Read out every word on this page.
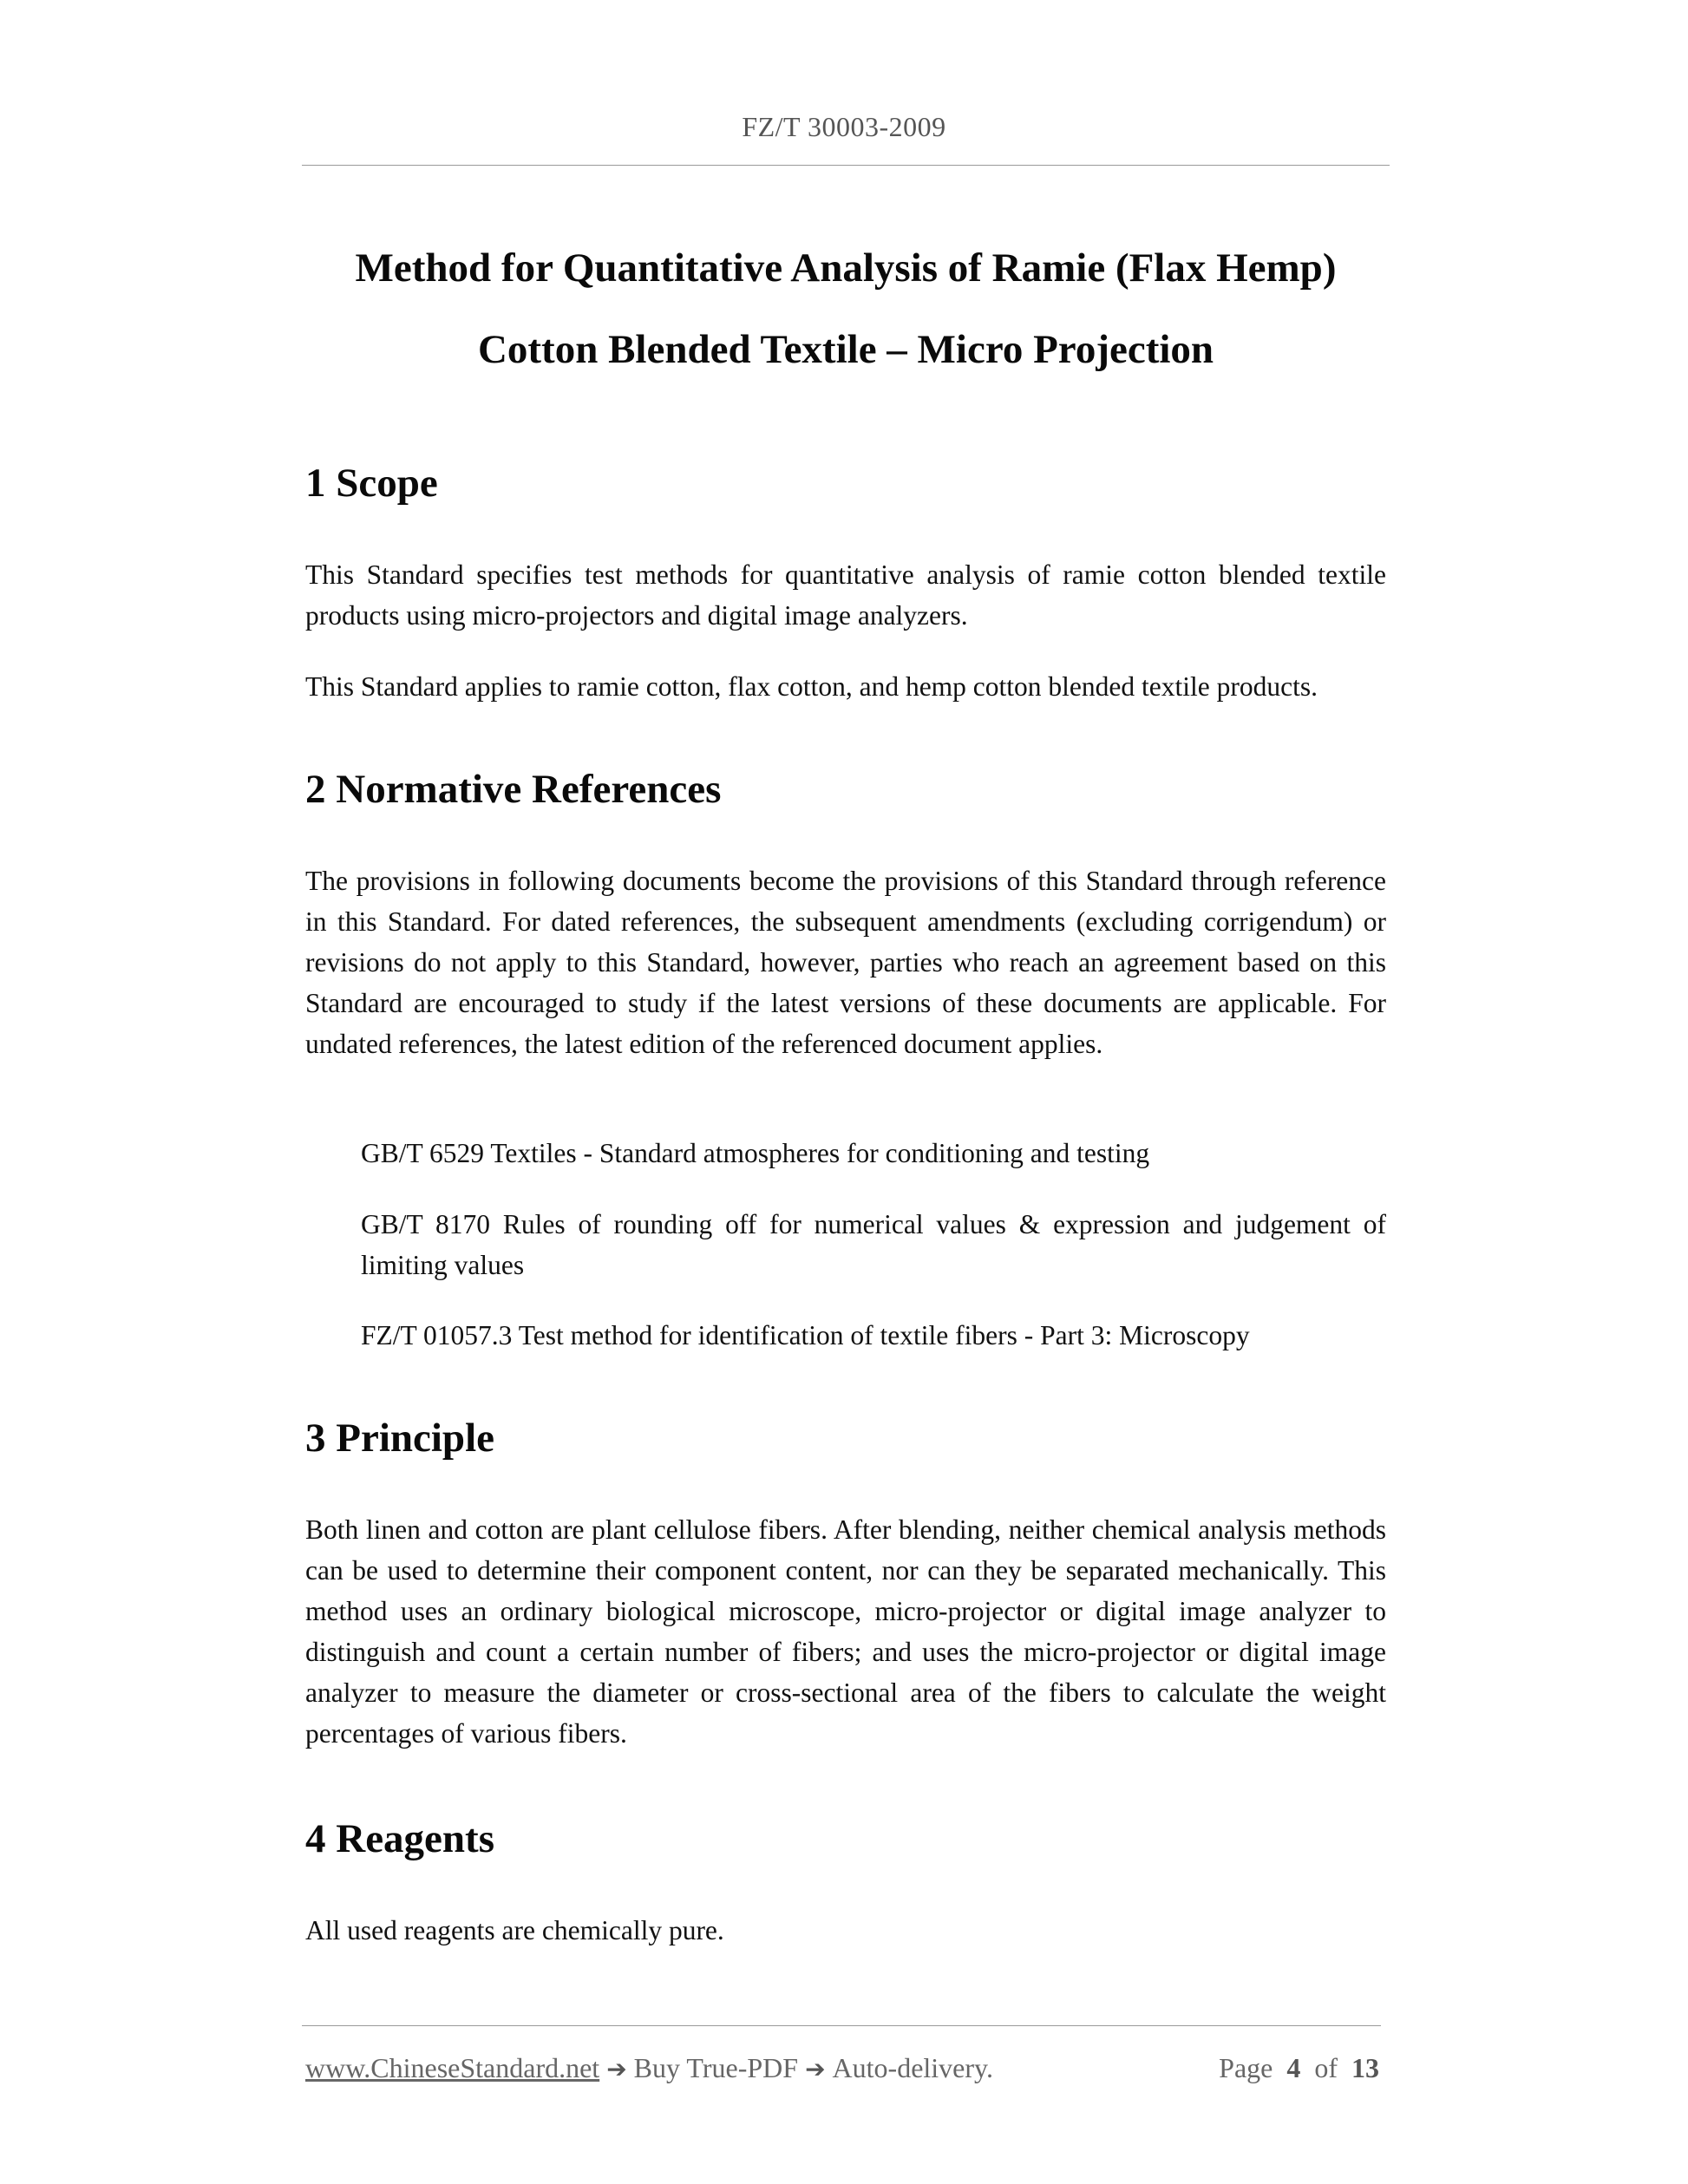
FZ/T 30003-2009
Method for Quantitative Analysis of Ramie (Flax Hemp)
Cotton Blended Textile – Micro Projection
1 Scope
This Standard specifies test methods for quantitative analysis of ramie cotton blended textile products using micro-projectors and digital image analyzers.
This Standard applies to ramie cotton, flax cotton, and hemp cotton blended textile products.
2 Normative References
The provisions in following documents become the provisions of this Standard through reference in this Standard. For dated references, the subsequent amendments (excluding corrigendum) or revisions do not apply to this Standard, however, parties who reach an agreement based on this Standard are encouraged to study if the latest versions of these documents are applicable. For undated references, the latest edition of the referenced document applies.
GB/T 6529 Textiles - Standard atmospheres for conditioning and testing
GB/T 8170 Rules of rounding off for numerical values & expression and judgement of limiting values
FZ/T 01057.3 Test method for identification of textile fibers - Part 3: Microscopy
3 Principle
Both linen and cotton are plant cellulose fibers. After blending, neither chemical analysis methods can be used to determine their component content, nor can they be separated mechanically. This method uses an ordinary biological microscope, micro-projector or digital image analyzer to distinguish and count a certain number of fibers; and uses the micro-projector or digital image analyzer to measure the diameter or cross-sectional area of the fibers to calculate the weight percentages of various fibers.
4 Reagents
All used reagents are chemically pure.
www.ChineseStandard.net ➔ Buy True-PDF ➔ Auto-delivery.	Page 4 of 13
